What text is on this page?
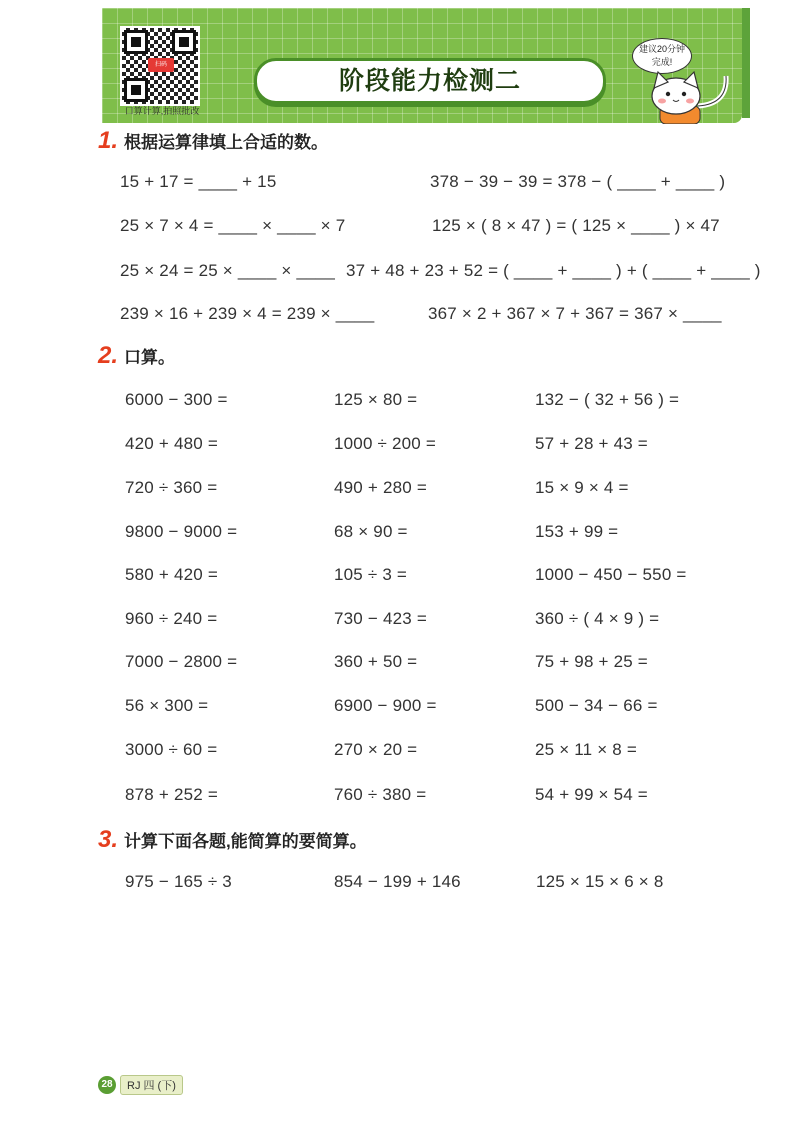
扫码
口算计算,拍照批改
阶段能力检测二
建议20分钟
完成!
1. 根据运算律填上合适的数。
15 + 17 = ____ + 15	378 − 39 − 39 = 378 − ( ____ + ____ )
25 × 7 × 4 = ____ × ____ × 7	125 × ( 8 × 47 ) = ( 125 × ____ ) × 47
25 × 24 = 25 × ____ × ____ 37 + 48 + 23 + 52 = ( ____ + ____ ) + ( ____ + ____ )
239 × 16 + 239 × 4 = 239 × ____	367 × 2 + 367 × 7 + 367 = 367 × ____
2. 口算。
6000 − 300 =	125 × 80 =	132 − ( 32 + 56 ) =
420 + 480 =	1000 ÷ 200 =	57 + 28 + 43 =
720 ÷ 360 =	490 + 280 =	15 × 9 × 4 =
9800 − 9000 =	68 × 90 =	153 + 99 =
580 + 420 =	105 ÷ 3 =	1000 − 450 − 550 =
960 ÷ 240 =	730 − 423 =	360 ÷ ( 4 × 9 ) =
7000 − 2800 =	360 + 50 =	75 + 98 + 25 =
56 × 300 =	6900 − 900 =	500 − 34 − 66 =
3000 ÷ 60 =	270 × 20 =	25 × 11 × 8 =
878 + 252 =	760 ÷ 380 =	54 + 99 × 54 =
3. 计算下面各题,能简算的要简算。
975 − 165 ÷ 3	854 − 199 + 146	125 × 15 × 6 × 8
28	RJ 四 (下)
